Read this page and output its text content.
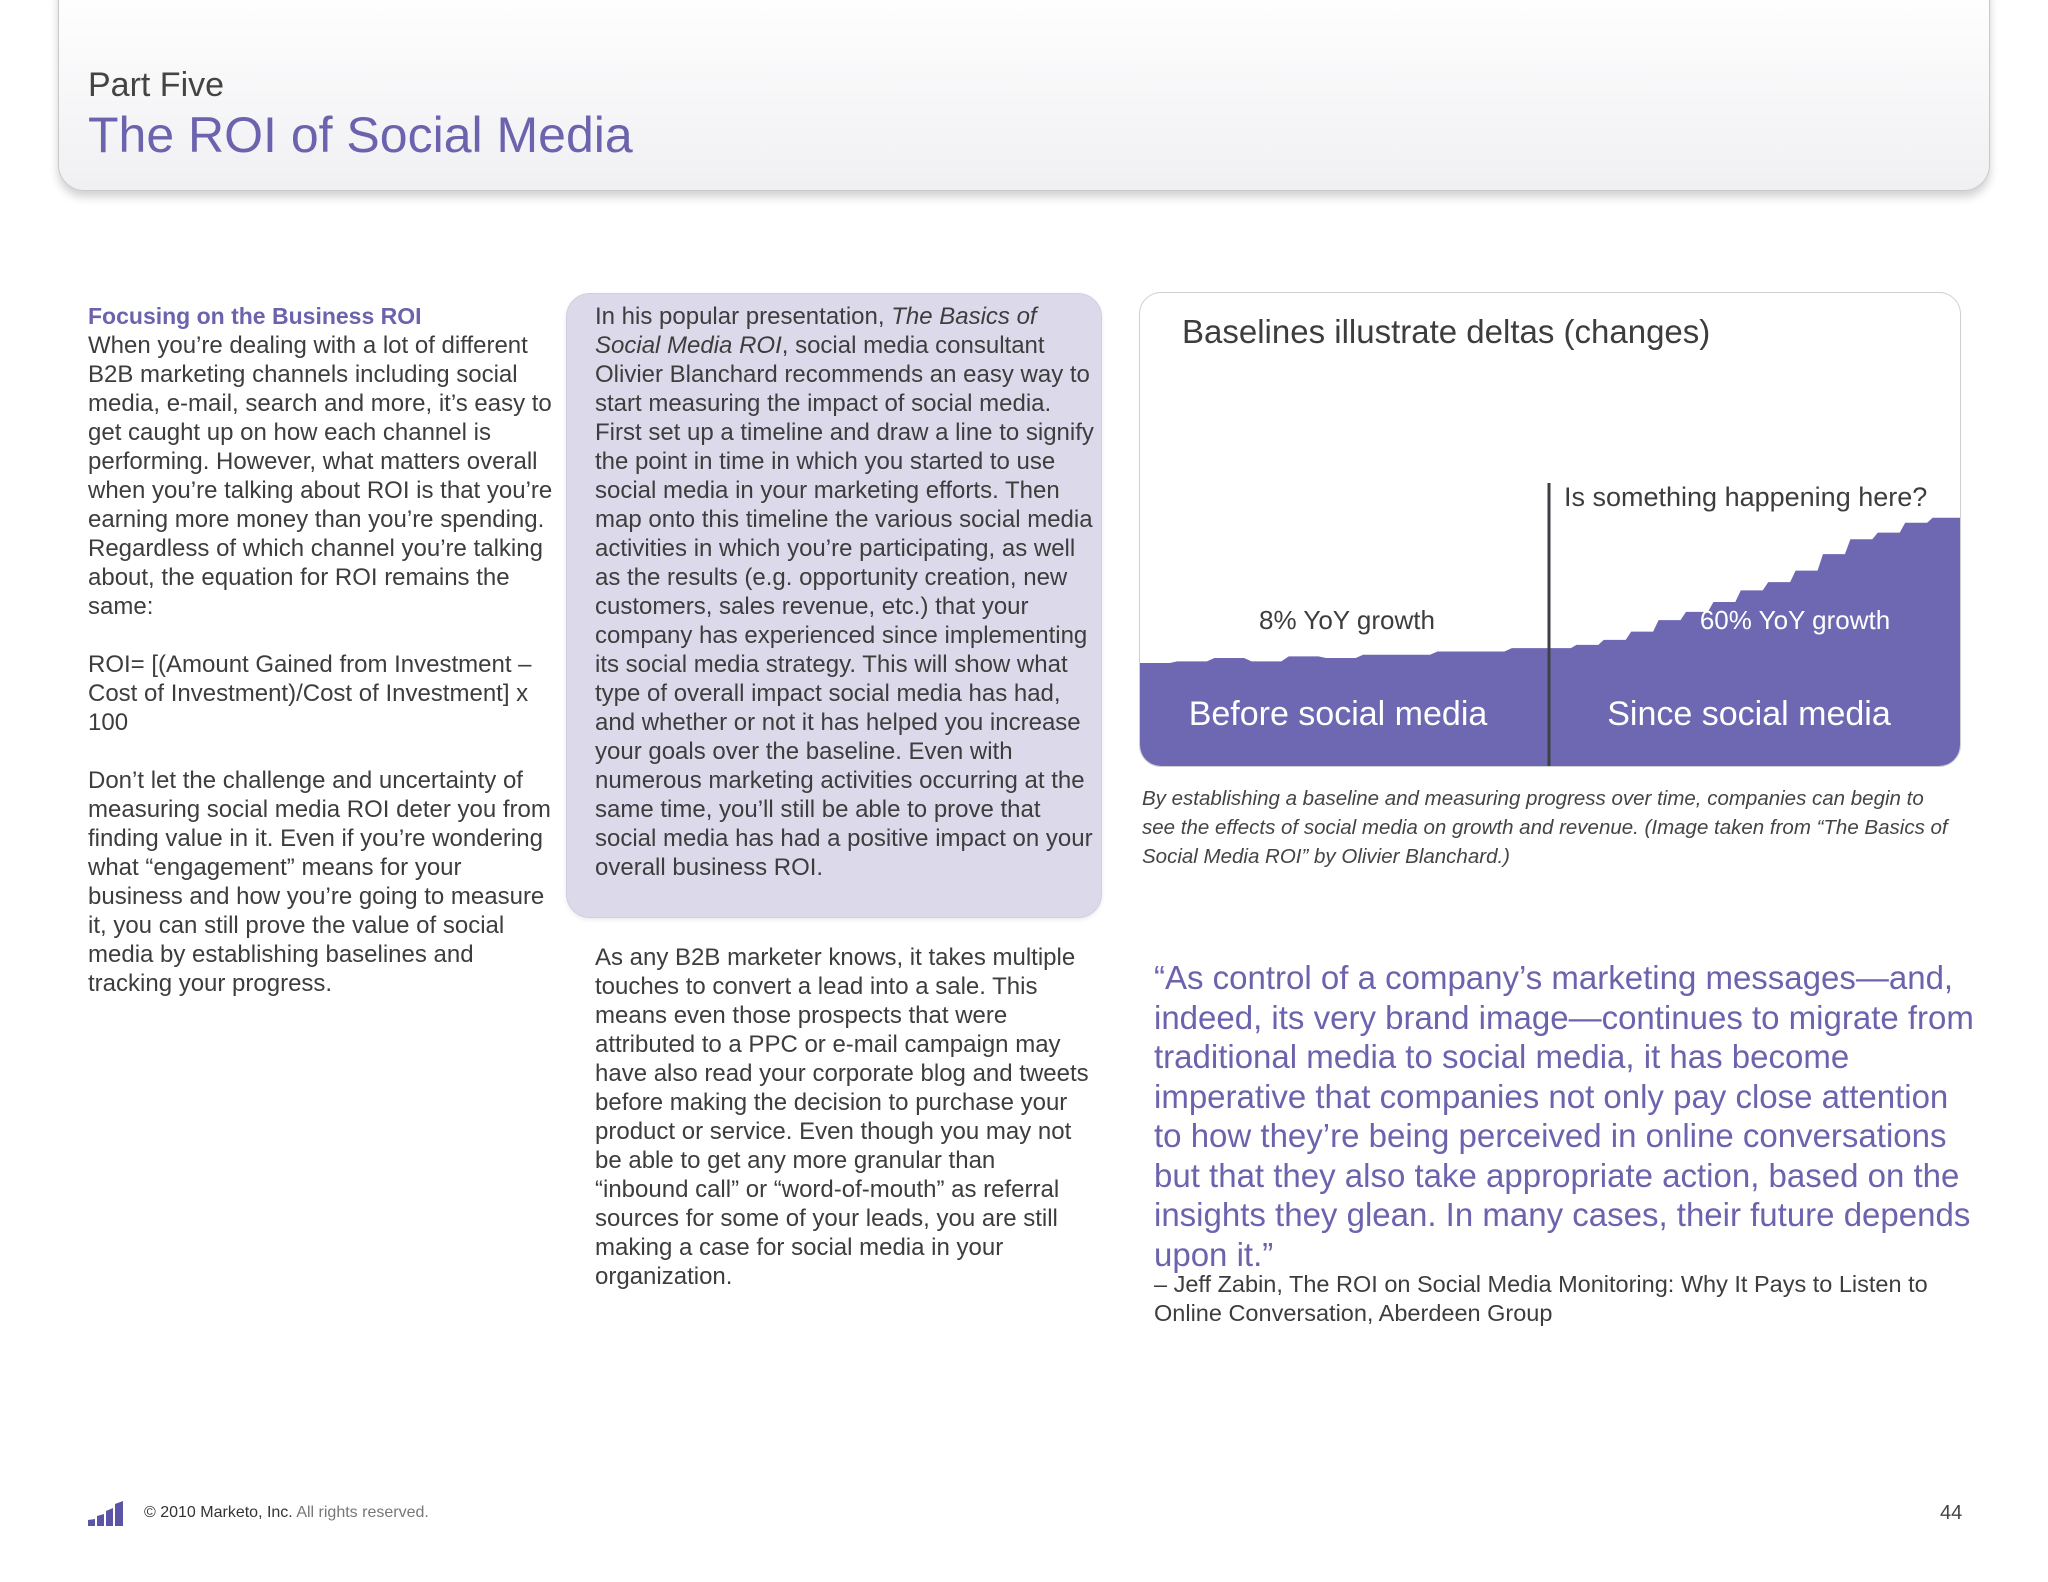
Part Five
The ROI of Social Media

Focusing on the Business ROI

When you’re dealing with a lot of different B2B marketing channels including social media, e-mail, search and more, it’s easy to get caught up on how each channel is performing. However, what matters overall when you’re talking about ROI is that you’re earning more money than you’re spending. Regardless of which channel you’re talking about, the equation for ROI remains the same:

ROI= [(Amount Gained from Investment – Cost of Investment)/Cost of Investment] x 100

Don’t let the challenge and uncertainty of measuring social media ROI deter you from finding value in it. Even if you’re wondering what “engagement” means for your business and how you’re going to measure it, you can still prove the value of social media by establishing baselines and tracking your progress.

In his popular presentation, The Basics of Social Media ROI, social media consultant Olivier Blanchard recommends an easy way to start measuring the impact of social media. First set up a timeline and draw a line to signify the point in time in which you started to use social media in your marketing efforts. Then map onto this timeline the various social media activities in which you’re participating, as well as the results (e.g. opportunity creation, new customers, sales revenue, etc.) that your company has experienced since implementing its social media strategy. This will show what type of overall impact social media has had, and whether or not it has helped you increase your goals over the baseline. Even with numerous marketing activities occurring at the same time, you’ll still be able to prove that social media has had a positive impact on your overall business ROI.

As any B2B marketer knows, it takes multiple touches to convert a lead into a sale. This means even those prospects that were attributed to a PPC or e-mail campaign may have also read your corporate blog and tweets before making the decision to purchase your product or service. Even though you may not be able to get any more granular than “inbound call” or “word-of-mouth” as referral sources for some of your leads, you are still making a case for social media in your organization.

8% YoY growth	60% YoY growth
Before social media	Since social media
Is something happening here?
Baselines illustrate deltas (changes)
By establishing a baseline and measuring progress over time, companies can begin to see the effects of social media on growth and revenue. (Image taken from “The Basics of Social Media ROI” by Olivier Blanchard.)
“As control of a company’s marketing messages—and, indeed, its very brand image—continues to migrate from traditional media to social media, it has become imperative that companies not only pay close attention to how they’re being perceived in online conversations but that they also take appropriate action, based on the insights they glean. In many cases, their future depends upon it.”
– Jeff Zabin, The ROI on Social Media Monitoring: Why It Pays to Listen to Online Conversation, Aberdeen Group
© 2010 Marketo, Inc. All rights reserved.	44
